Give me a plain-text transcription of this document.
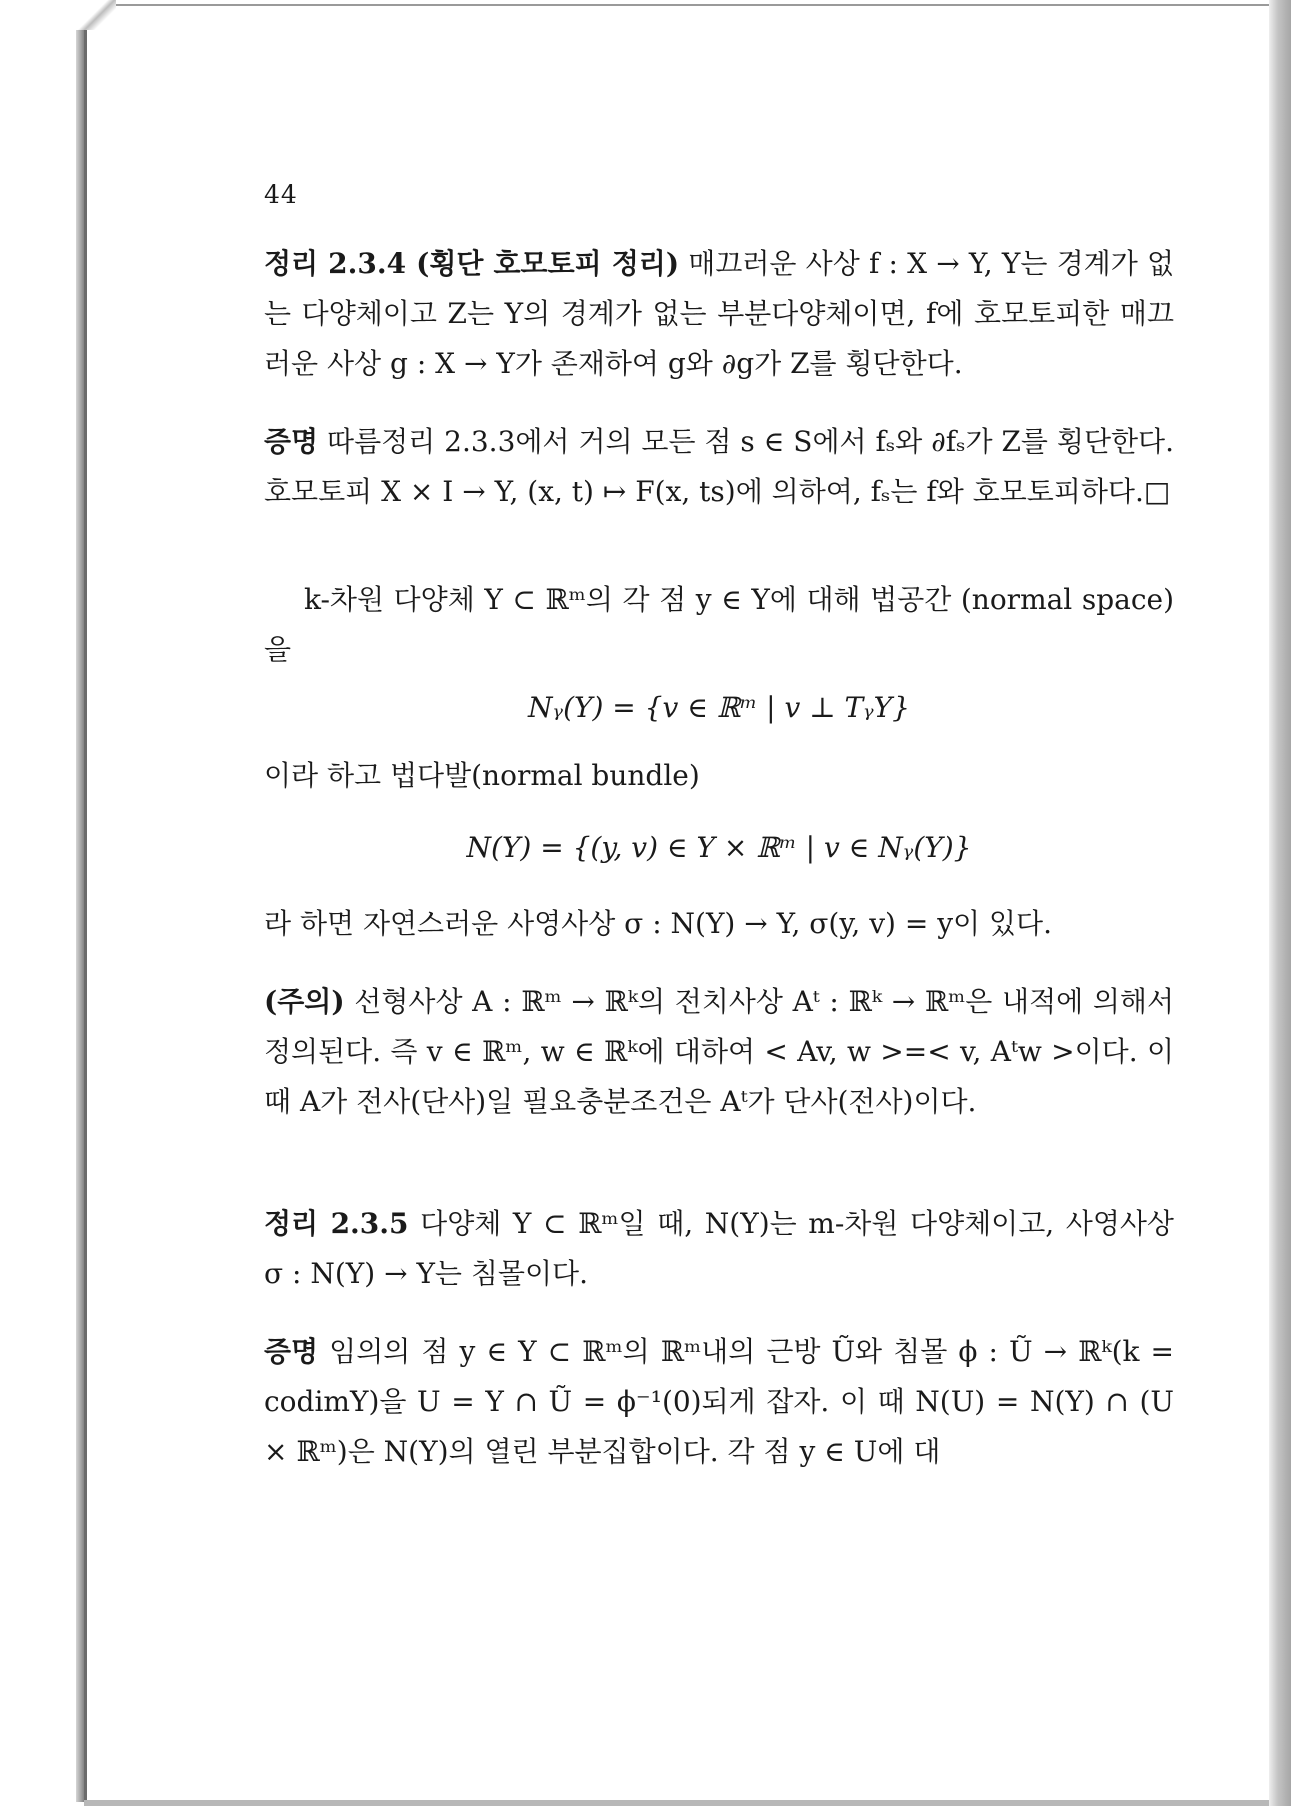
44

정리 2.3.4 (횡단 호모토피 정리) 매끄러운 사상 f : X → Y, Y는 경계가 없는 다양체이고 Z는 Y의 경계가 없는 부분다양체이면, f에 호모토피한 매끄러운 사상 g : X → Y가 존재하여 g와 ∂g가 Z를 횡단한다.

증명 따름정리 2.3.3에서 거의 모든 점 s ∈ S에서 fₛ와 ∂fₛ가 Z를 횡단한다. 호모토피 X × I → Y, (x, t) ↦ F(x, ts)에 의하여, fₛ는 f와 호모토피하다.□

k-차원 다양체 Y ⊂ ℝᵐ의 각 점 y ∈ Y에 대해 법공간 (normal space)을

Nᵧ(Y) = {v ∈ ℝᵐ | v ⊥ TᵧY}

이라 하고 법다발(normal bundle)

N(Y) = {(y, v) ∈ Y × ℝᵐ | v ∈ Nᵧ(Y)}

라 하면 자연스러운 사영사상 σ : N(Y) → Y, σ(y, v) = y이 있다.

(주의) 선형사상 A : ℝᵐ → ℝᵏ의 전치사상 Aᵗ : ℝᵏ → ℝᵐ은 내적에 의해서 정의된다. 즉 v ∈ ℝᵐ, w ∈ ℝᵏ에 대하여 < Av, w >=< v, Aᵗw >이다. 이때 A가 전사(단사)일 필요충분조건은 Aᵗ가 단사(전사)이다.

정리 2.3.5 다양체 Y ⊂ ℝᵐ일 때, N(Y)는 m-차원 다양체이고, 사영사상 σ : N(Y) → Y는 침몰이다.

증명 임의의 점 y ∈ Y ⊂ ℝᵐ의 ℝᵐ내의 근방 Ũ와 침몰 ϕ : Ũ → ℝᵏ(k = codimY)을 U = Y ∩ Ũ = ϕ⁻¹(0)되게 잡자. 이 때 N(U) = N(Y) ∩ (U × ℝᵐ)은 N(Y)의 열린 부분집합이다. 각 점 y ∈ U에 대
